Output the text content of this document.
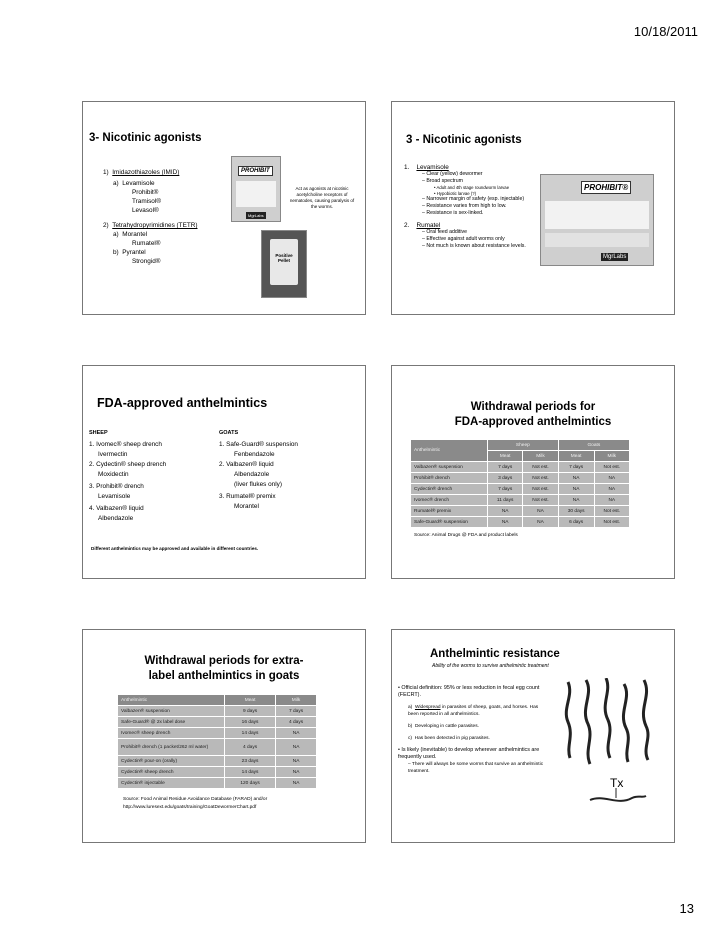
10/18/2011
3- Nicotinic agonists
1) Imidazothiazoles (IMID)
a) Levamisole
Prohibit®
Tramisol®
Levasol®
2) Tetrahydropyrimidines (TETR)
a) Morantel
Rumatel®
b) Pyrantel
Strongid®
PROHIBIT
MgrLabs
Act as agonists at nicotinic acetylcholine receptors of nematodes, causing paralysis of the worms.
Positive Pellet
3 - Nicotinic agonists
1. Levamisole
– Clear (yellow) dewormer
– Broad spectrum
• Adult and 4th stage roundworm larvae
• Hypobiotic larvae (?)
– Narrower margin of safety (esp. injectable)
– Resistance varies from high to low.
– Resistance is sex-linked.
2. Rumatel
– Oral feed additive
– Effective against adult worms only
– Not much is known about resistance levels.
PROHIBIT®
MgrLabs
FDA-approved anthelmintics
SHEEP
1. Ivomec® sheep drench
Ivermectin
2. Cydectin® sheep drench
Moxidectin
3. Prohibit® drench
Levamisole
4. Valbazen® liquid
Albendazole
GOATS
1. Safe-Guard® suspension
Fenbendazole
2. Valbazen® liquid
Albendazole
(liver flukes only)
3. Rumatel® premix
Morantel
Different anthelmintics may be approved and available in different countries.
Withdrawal periods for
FDA-approved anthelmintics
Anthelmintic	Sheep		Goats	
	Meat	Milk	Meat	Milk
Valbazen® suspension	7 days	Not est.	7 days	Not est.
Prohibit® drench	3 days	Not est.	NA	NA
Cydectin® drench	7 days	Not est.	NA	NA
Ivomec® drench	11 days	Not est.	NA	NA
Rumatel® premix	NA	NA	30 days	Not est.
Safe-Guard® suspension	NA	NA	6 days	Not est.
Source: Animal Drugs @ FDA and product labels
Withdrawal periods for extra-
label anthelmintics in goats
Anthelmintic	Meat	Milk
Valbazen® suspension	9 days	7 days
Safe-Guard® @ 2x label dose	16 days	4 days
Ivomec® sheep drench	14 days	NA
Prohibit® drench (1 packet/262 ml water)	4 days	NA
Cydectin® pour-on (orally)	23 days	NA
Cydectin® sheep drench	14 days	NA
Cydectin® injectable	120 days	NA
Source: Food Animal Residue Avoidance Database (FARAD) and/or
http://www.luresext.edu/goats/training/GoatDewormerChart.pdf
Anthelmintic resistance
Ability of the worms to survive anthelmintic treatment
• Official definition: 95% or less reduction in fecal egg count (FECRT).
a) Widespread in parasites of sheep, goats, and horses. Has been reported in all anthelmintics.
b) Developing in cattle parasites.
c) Has been detected in pig parasites.
• Is likely (inevitable) to develop wherever anthelmintics are frequently used.
– There will always be some worms that survive an anthelmintic treatment.
Tx
13
